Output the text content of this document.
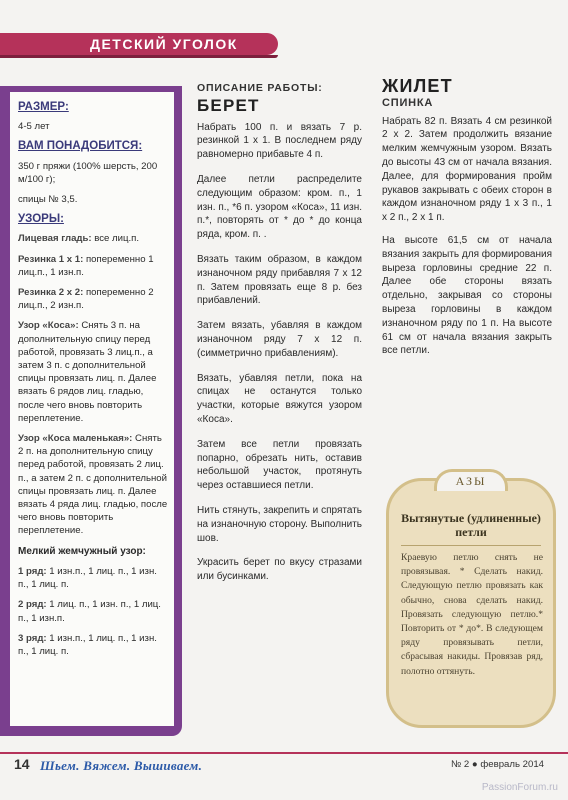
ДЕТСКИЙ УГОЛОК
РАЗМЕР:

4-5 лет

ВАМ ПОНАДОБИТСЯ:

350 г пряжи (100% шерсть, 200 м/100 г);

спицы № 3,5.

УЗОРЫ:

Лицевая гладь: все лиц.п.

Резинка 1 х 1: попеременно 1 лиц.п., 1 изн.п.

Резинка 2 х 2: попеременно 2 лиц.п., 2 изн.п.

Узор «Коса»: Снять 3 п. на дополнительную спицу перед работой, провязать 3 лиц.п., а затем 3 п. с дополнительной спицы провязать лиц. п. Далее вязать 6 рядов лиц. гладью, после чего вновь повторить переплетение.

Узор «Коса маленькая»: Снять 2 п. на дополнительную спицу перед работой, провязать 2 лиц. п., а затем 2 п. с дополнительной спицы провязать лиц. п. Далее вязать 4 ряда лиц. гладью, после чего вновь повторить переплетение.

Мелкий жемчужный узор:

1 ряд: 1 изн.п., 1 лиц. п., 1 изн. п., 1 лиц. п.

2 ряд: 1 лиц. п., 1 изн. п., 1 лиц. п., 1 изн.п.

3 ряд: 1 изн.п., 1 лиц. п., 1 изн. п., 1 лиц. п.

ОПИСАНИЕ РАБОТЫ:
БЕРЕТ

Набрать 100 п. и вязать 7 р. резинкой 1 х 1. В последнем ряду равномерно прибавьте 4 п.

Далее петли распределите следующим образом: кром. п., 1 изн. п., *6 п. узором «Коса», 11 изн. п.*, повторять от * до * до конца ряда, кром. п. .

Вязать таким образом, в каждом изнаночном ряду прибавляя 7 х 12 п. Затем провязать еще 8 р. без прибавлений.

Затем вязать, убавляя в каждом изнаночном ряду 7 х 12 п. (симметрично прибавлениям).

Вязать, убавляя петли, пока на спицах не останутся только участки, которые вяжутся узором «Коса».

Затем все петли провязать попарно, обрезать нить, оставив небольшой участок, протянуть через оставшиеся петли.

Нить стянуть, закрепить и спрятать на изнаночную сторону. Выполнить шов.

Украсить берет по вкусу стразами или бусинками.

ЖИЛЕТ
СПИНКА

Набрать 82 п. Вязать 4 см резинкой 2 х 2. Затем продолжить вязание мелким жемчужным узором. Вязать до высоты 43 см от начала вязания. Далее, для формирования пройм рукавов закрывать с обеих сторон в каждом изнаночном ряду 1 х 3 п., 1 х 2 п., 2 х 1 п.

На высоте 61,5 см от начала вязания закрыть для формирования выреза горловины средние 22 п. Далее обе стороны вязать отдельно, закрывая со стороны выреза горловины в каждом изнаночном ряду по 1 п. На высоте 61 см от начала вязания закрыть все петли.

АЗЫ
Вытянутые (удлиненные) петли
Краевую петлю снять не провязывая. * Сделать накид. Следующую петлю провязать как обычно, снова сделать накид. Провязать следующую петлю.* Повторить от * до*. В следующем ряду провязывать петли, сбрасывая накиды. Провязав ряд, полотно оттянуть.
14 Шьем. Вяжем. Вышиваем.	№ 2 ● февраль 2014
PassionForum.ru
